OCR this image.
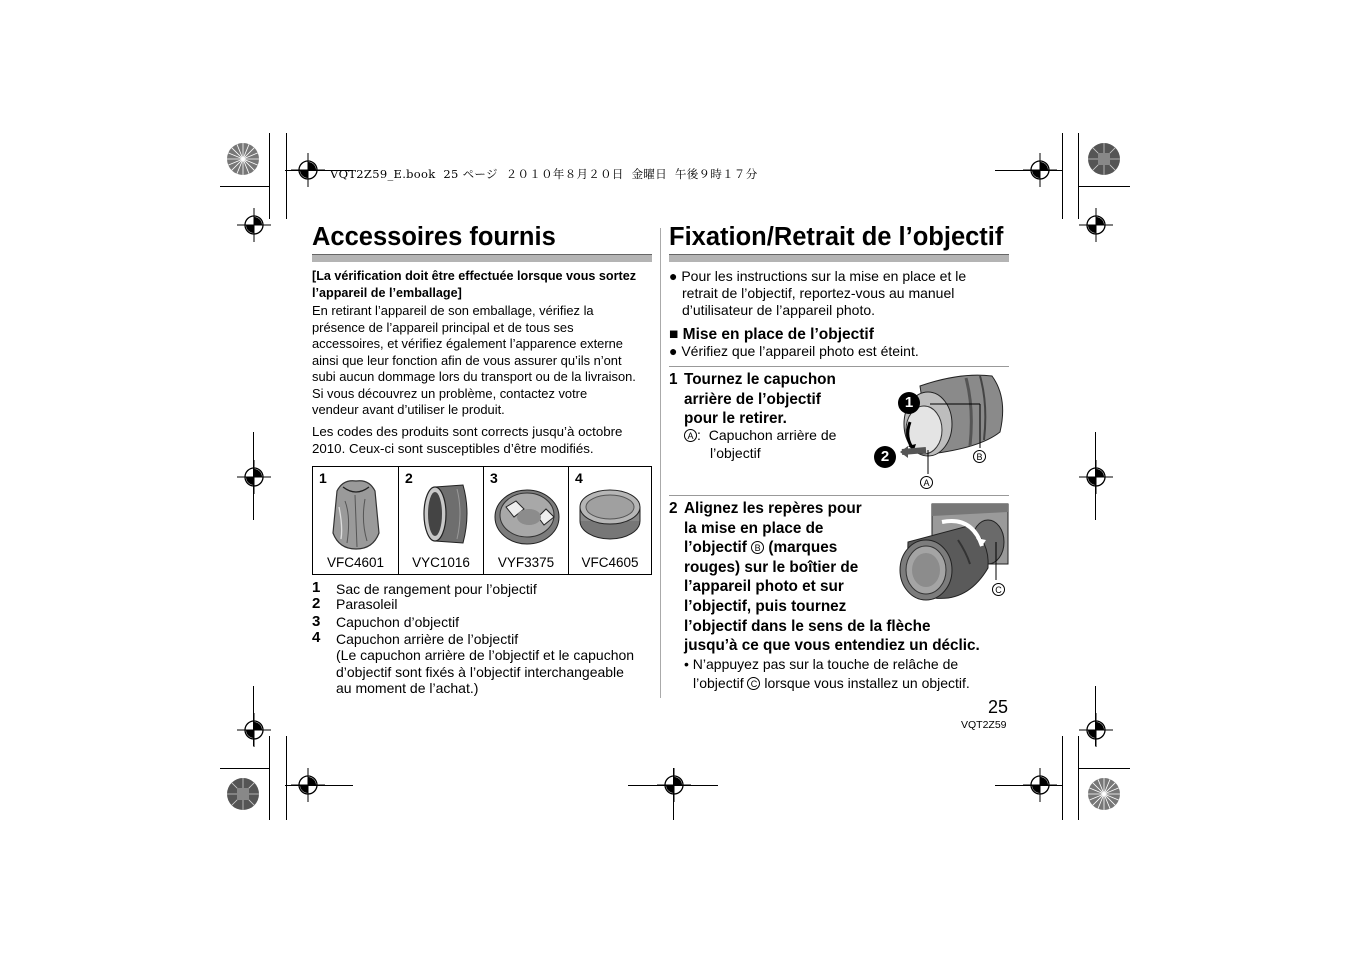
VQT2Z59_E.book  25 ページ  ２０１０年８月２０日  金曜日  午後９時１７分
Accessoires fournis
[La vérification doit être effectuée lorsque vous sortez l’appareil de l’emballage]

En retirant l’appareil de son emballage, vérifiez la

présence de l’appareil principal et de tous ses

accessoires, et vérifiez également l’apparence externe

ainsi que leur fonction afin de vous assurer qu’ils n’ont

subi aucun dommage lors du transport ou de la livraison.

Si vous découvrez un problème, contactez votre

vendeur avant d’utiliser le produit.

Les codes des produits sont corrects jusqu’à octobre

2010. Ceux-ci sont susceptibles d’être modifiés.

1
VFC4601
2
VYC1016
3
VYF3375
4
VFC4605
1 Sac de rangement pour l’objectif
2 Parasoleil
3 Capuchon d’objectif
4 Capuchon arrière de l’objectif

(Le capuchon arrière de l’objectif et le capuchon

d’objectif sont fixés à l’objectif interchangeable

au moment de l’achat.)

Fixation/Retrait de l’objectif

● Pour les instructions sur la mise en place et le

retrait de l’objectif, reportez-vous au manuel

d’utilisateur de l’appareil photo.

■ Mise en place de l’objectif
● Vérifiez que l’appareil photo est éteint.
1 Tournez le capuchon
arrière de l’objectif
pour le retirer.
A : Capuchon arrière de
l’objectif
1
2	B
A
2 Alignez les repères pour
la mise en place de
l’objectif B (marques
rouges) sur le boîtier de
l’appareil photo et sur
l’objectif, puis tournez
l’objectif dans le sens de la flèche
jusqu’à ce que vous entendiez un déclic.
• N’appuyez pas sur la touche de relâche de
l’objectif C lorsque vous installez un objectif.
C
25
VQT2Z59
